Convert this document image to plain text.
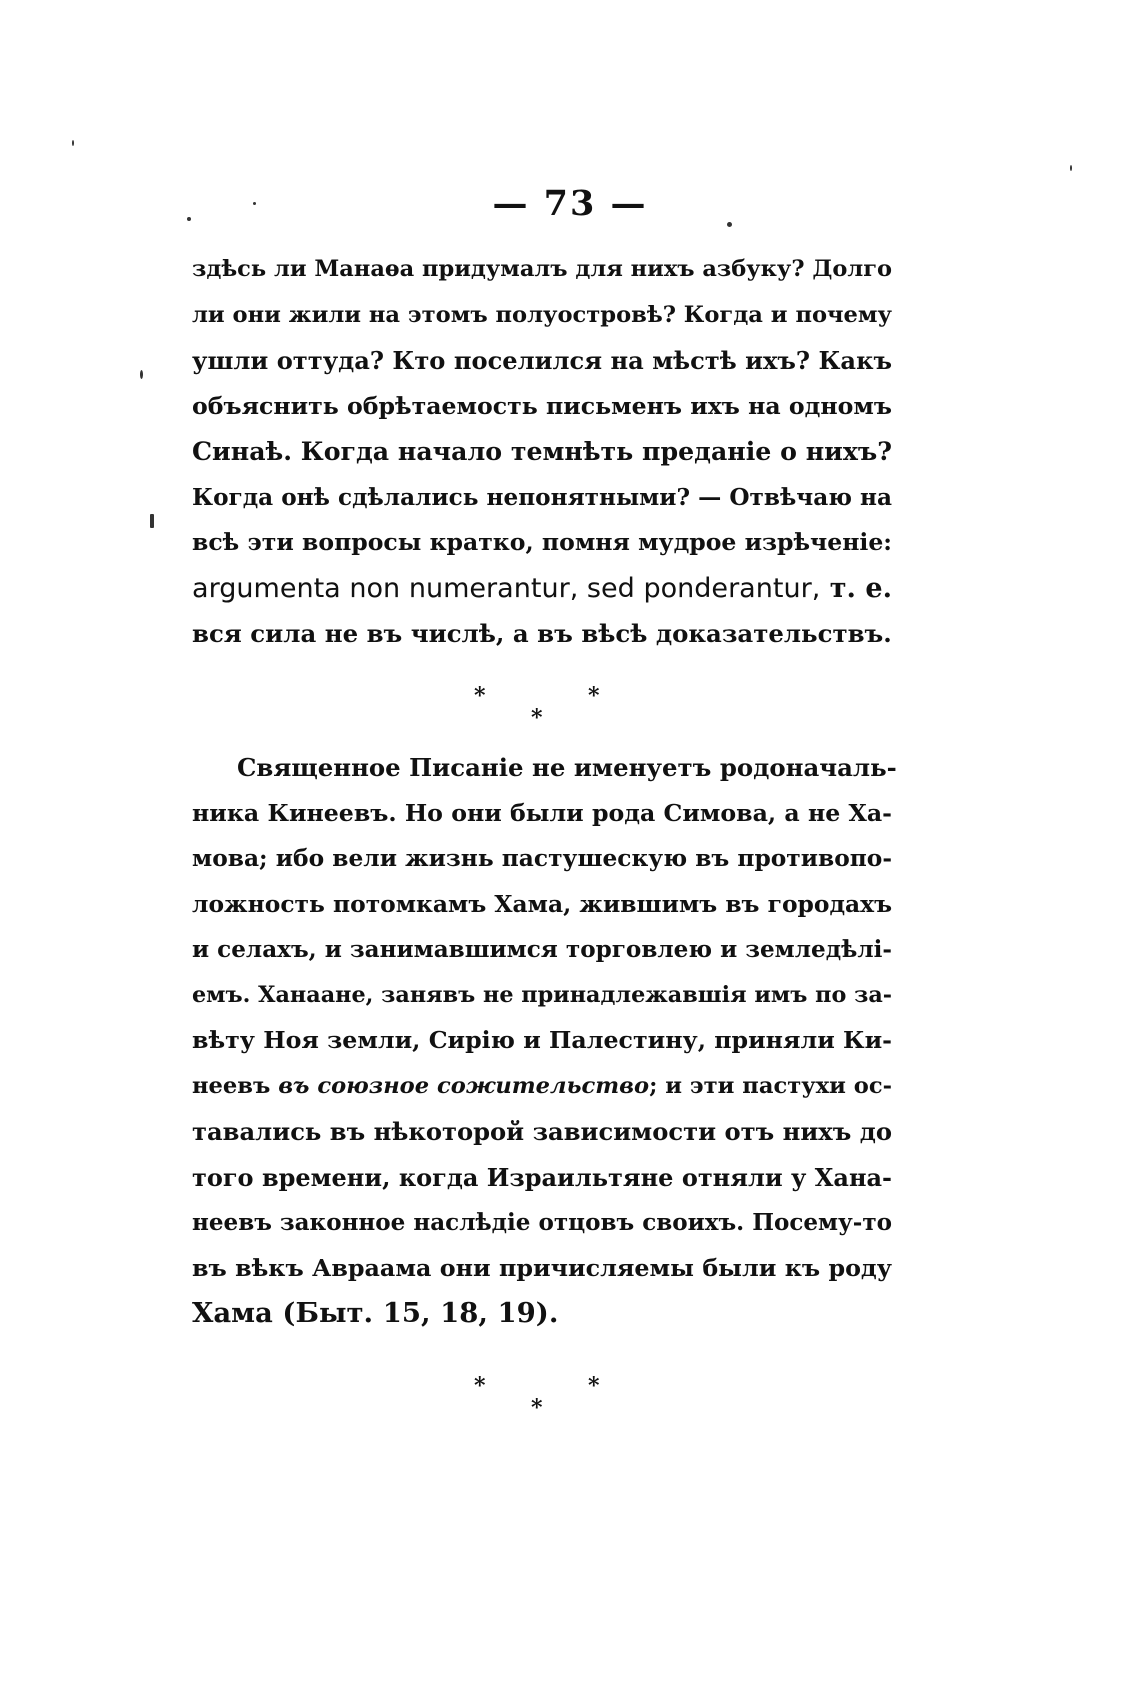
— 73 —
здѣсь ли Манаѳа придумалъ для нихъ азбуку? Долго
ли они жили на этомъ полуостровѣ? Когда и почему
ушли оттуда? Кто поселился на мѣстѣ ихъ? Какъ
объяснить обрѣтаемость письменъ ихъ на одномъ
Синаѣ. Когда начало темнѣть преданіе о нихъ?
Когда онѣ сдѣлались непонятными? — Отвѣчаю на
всѣ эти вопросы кратко, помня мудрое изрѣченіе:
argumenta non numerantur, sed ponderantur, т. е.
вся сила не въ числѣ, а въ вѣсѣ доказательствъ.
*	*
*
Священное Писаніе не именуетъ родоначаль-
ника Кинеевъ. Но они были рода Симова, а не Ха-
мова; ибо вели жизнь пастушескую въ противопо-
ложность потомкамъ Хама, жившимъ въ городахъ
и селахъ, и занимавшимся торговлею и земледѣлі-
емъ. Ханаане, занявъ не принадлежавшія имъ по за-
вѣту Ноя земли, Сирію и Палестину, приняли Ки-
неевъ въ союзное сожительство; и эти пастухи ос-
тавались въ нѣкоторой зависимости отъ нихъ до
того времени, когда Израильтяне отняли у Хана-
неевъ законное наслѣдіе отцовъ своихъ. Посему-то
въ вѣкъ Авраама они причисляемы были къ роду
Хама (Быт. 15, 18, 19).
*	*
*
